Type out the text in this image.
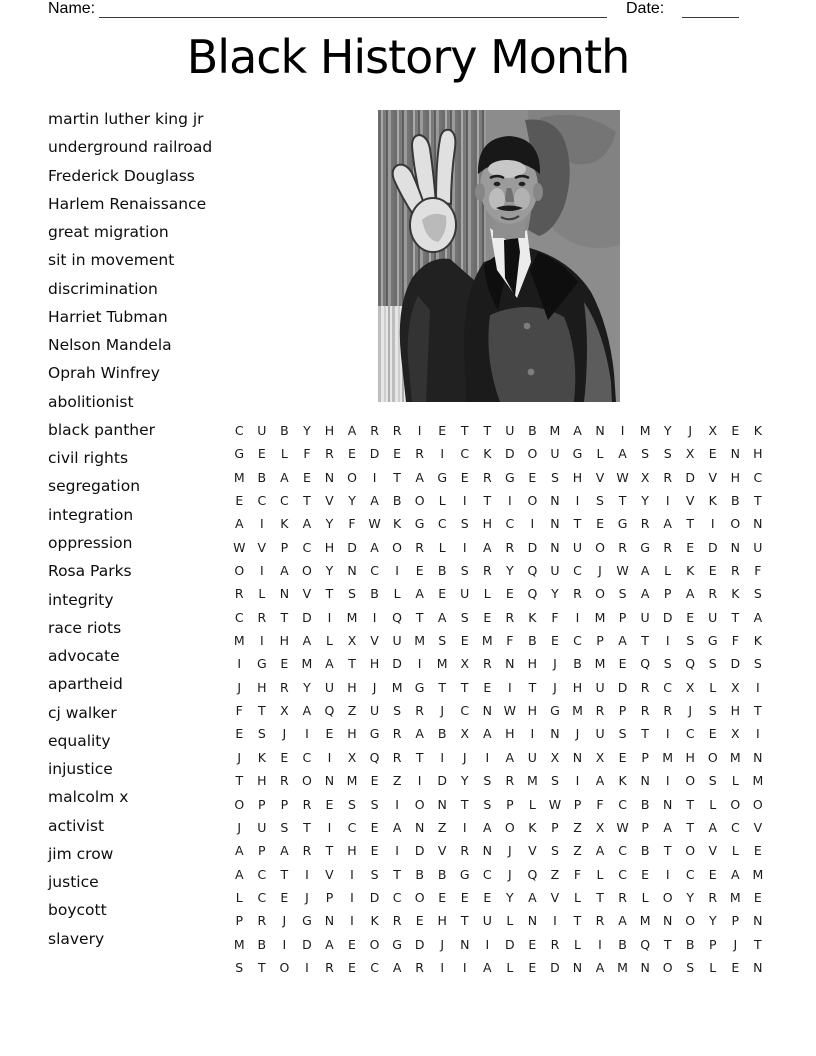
Name:	Date:
Black History Month
martin luther king jr
underground railroad
Frederick Douglass
Harlem Renaissance
great migration
sit in movement
discrimination
Harriet Tubman
Nelson Mandela
Oprah Winfrey
abolitionist
black panther
civil rights
segregation
integration
oppression
Rosa Parks
integrity
race riots
advocate
apartheid
cj walker
equality
injustice
malcolm x
activist
jim crow
justice
boycott
slavery
C	U	B	Y	H	A	R	R	I	E	T	T	U	B	M	A	N	I	M	Y	J	X	E	K
G	E	L	F	R	E	D	E	R	I	C	K	D	O	U	G	L	A	S	S	X	E	N	H
M	B	A	E	N	O	I	T	A	G	E	R	G	E	S	H	V W X	R	D	V	H	C
E	C	C	T	V	Y	A	B	O	L	I	T	I	O	N	I	S	T	Y	I	V	K	B	T
A	I	K	A	Y	F	W K	G	C	S	H	C	I	N	T	E	G	R	A	T	I	O	N
W V	P	C	H	D	A	O	R	L	I	A	R	D	N	U	O	R	G	R	E	D	N	U
O	I	A	O	Y	N	C	I	E	B	S	R	Y	Q	U	C	J	W A	L	K	E	R	F
R	L	N	V	T	S	B	L	A	E	U	L	E	Q	Y	R	O	S	A	P	A	R	K	S
C	R	T	D	I	M	I	Q	T	A	S	E	R	K	F	I	M	P	U	D	E	U	T	A
M	I	H	A	L	X	V	U	M	S	E	M	F	B	E	C	P	A	T	I	S	G	F	K
I	G	E	M	A	T	H	D	I	M	X	R	N	H	J	B	M	E	Q	S	Q	S	D	S
J	H	R	Y	U	H	J	M G	T	T	E	I	T	J	H	U	D	R	C	X	L	X	I
F	T	X	A	Q	Z	U	S	R	J	C	N W H	G M	R	P	R	R	J	S	H	T
E	S	J	I	E	H	G	R	A	B	X	A	H	I	N	J	U	S	T	I	C	E	X	I
J	K	E	C	I	X	Q	R	T	I	J	I	A	U	X	N	X	E	P	M H	O M N
T	H	R	O	N M	E	Z	I	D	Y	S	R	M	S	I	A	K	N	I	O	S	L	M
O	P	P	R	E	S	S	I	O	N	T	S	P	L	W	P	F	C	B	N	T	L	O	O
J	U	S	T	I	C	E	A	N	Z	I	A	O	K	P	Z	X W	P	A	T	A	C	V
A	P	A	R	T	H	E	I	D	V	R	N	J	V	S	Z	A	C	B	T	O	V	L	E
A	C	T	I	V	I	S	T	B	B	G	C	J	Q	Z	F	L	C	E	I	C	E	A	M
L	C	E	J	P	I	D	C	O	E	E	E	Y	A	V	L	T	R	L	O	Y	R	M	E
P	R	J	G	N	I	K	R	E	H	T	U	L	N	I	T	R	A	M N	O	Y	P	N
M	B	I	D	A	E	O	G	D	J	N	I	D	E	R	L	I	B	Q	T	B	P	J	T
S	T	O	I	R	E	C	A	R	I	I	A	L	E	D	N	A	M N	O	S	L	E	N
